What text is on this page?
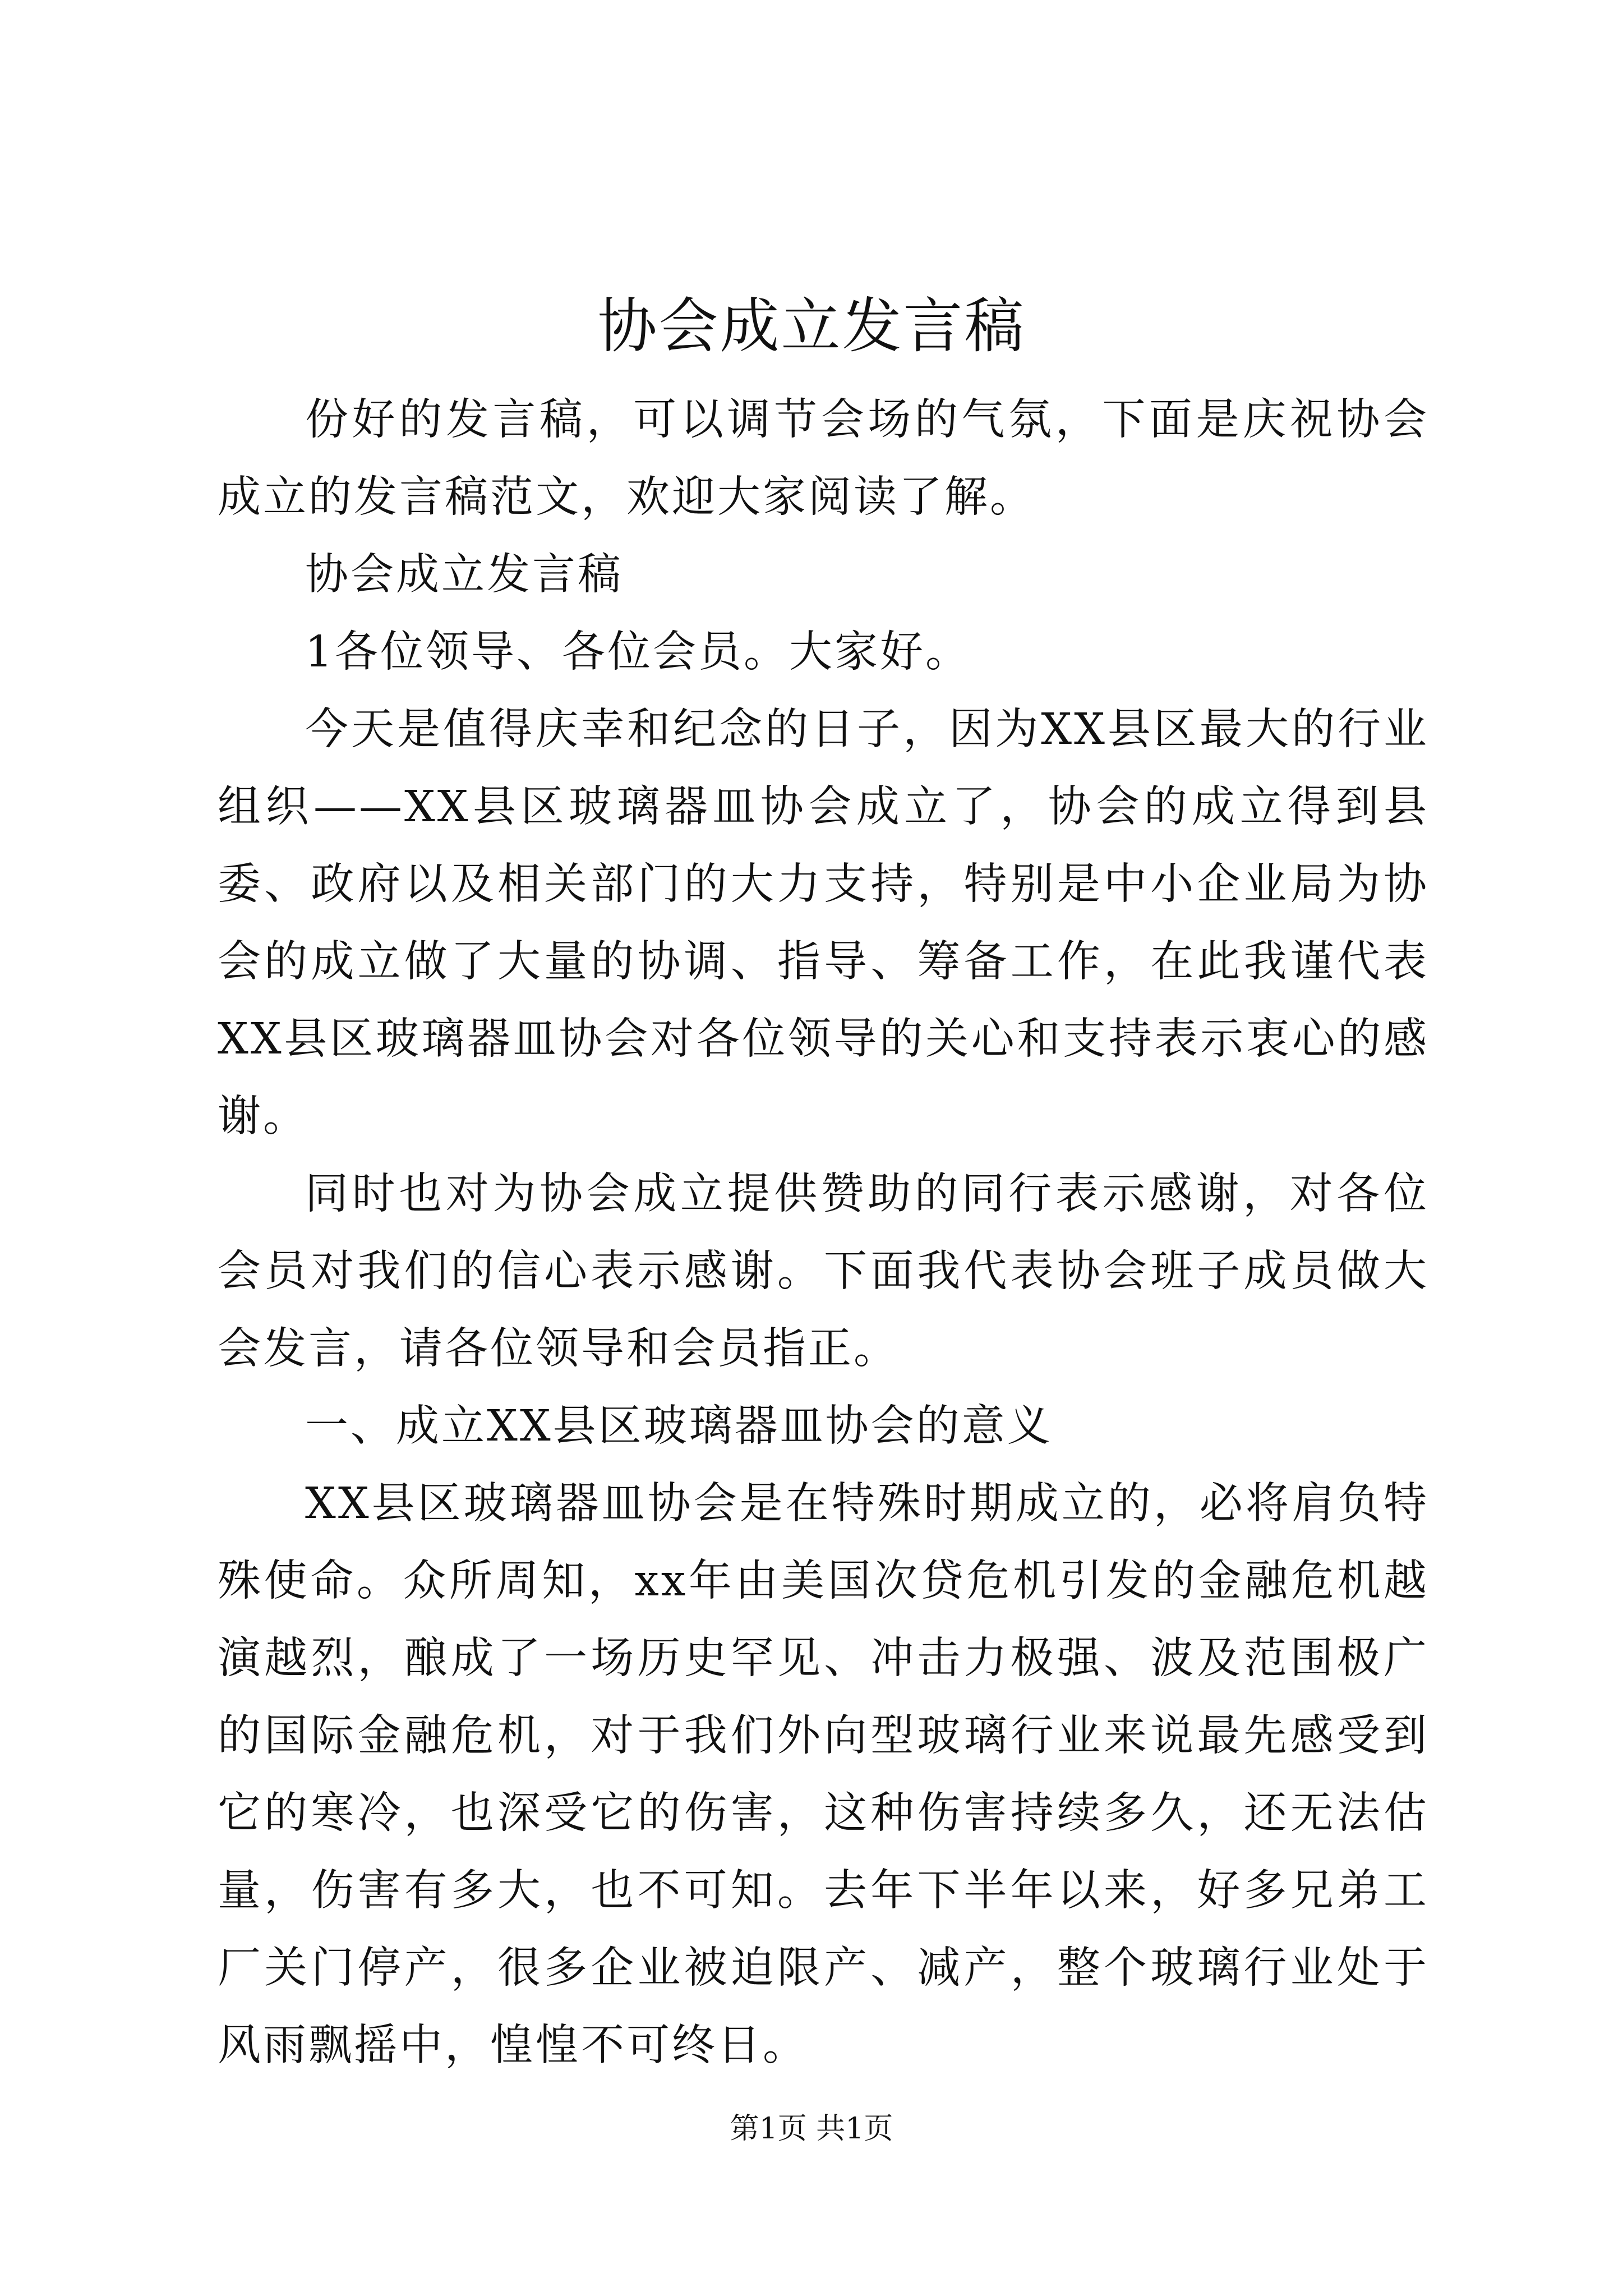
协会成立发言稿

份好的发言稿，可以调节会场的气氛，下面是庆祝协会成立的发言稿范文，欢迎大家阅读了解。

协会成立发言稿

1各位领导、各位会员。大家好。

今天是值得庆幸和纪念的日子，因为XX县区最大的行业组织——XX县区玻璃器皿协会成立了，协会的成立得到县委、政府以及相关部门的大力支持，特别是中小企业局为协会的成立做了大量的协调、指导、筹备工作，在此我谨代表XX县区玻璃器皿协会对各位领导的关心和支持表示衷心的感谢。

同时也对为协会成立提供赞助的同行表示感谢，对各位会员对我们的信心表示感谢。下面我代表协会班子成员做大会发言，请各位领导和会员指正。

一、成立XX县区玻璃器皿协会的意义

XX县区玻璃器皿协会是在特殊时期成立的，必将肩负特殊使命。众所周知，xx年由美国次贷危机引发的金融危机越演越烈，酿成了一场历史罕见、冲击力极强、波及范围极广的国际金融危机，对于我们外向型玻璃行业来说最先感受到它的寒冷，也深受它的伤害，这种伤害持续多久，还无法估量，伤害有多大，也不可知。去年下半年以来，好多兄弟工厂关门停产，很多企业被迫限产、减产，整个玻璃行业处于风雨飘摇中，惶惶不可终日。

第1页 共1页
